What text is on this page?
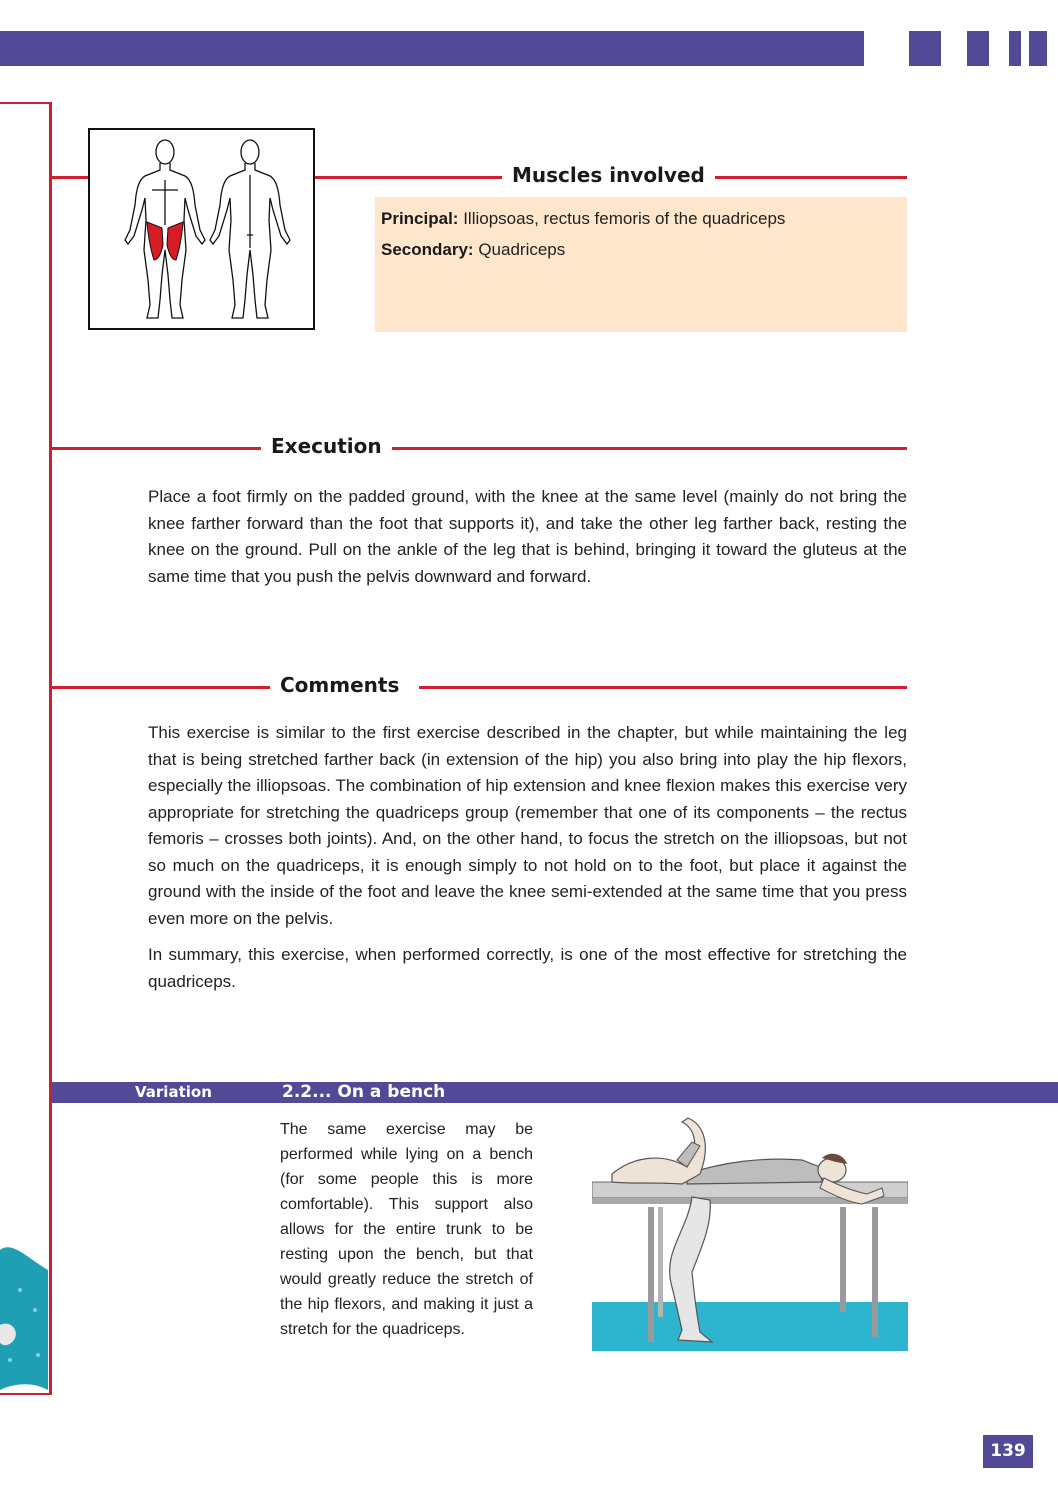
Muscles involved
Principal: Illiopsoas, rectus femoris of the quadriceps
Secondary: Quadriceps
Execution

Place a foot firmly on the padded ground, with the knee at the same level (mainly do not bring the knee farther forward than the foot that supports it), and take the other leg farther back, resting the knee on the ground. Pull on the ankle of the leg that is behind, bringing it toward the gluteus at the same time that you push the pelvis downward and forward.

Comments

This exercise is similar to the first exercise described in the chapter, but while maintaining the leg that is being stretched farther back (in extension of the hip) you also bring into play the hip flexors, especially the illiopsoas. The combination of hip extension and knee flexion makes this exercise very appropriate for stretching the quadriceps group (remember that one of its components – the rectus femoris – crosses both joints). And, on the other hand, to focus the stretch on the illiopsoas, but not so much on the quadriceps, it is enough simply to not hold on to the foot, but place it against the ground with the inside of the foot and leave the knee semi-extended at the same time that you press even more on the pelvis.

In summary, this exercise, when performed correctly, is one of the most effective for stretching the quadriceps.

Variation	2.2... On a bench
The same exercise may be performed while lying on a bench (for some people this is more comfortable). This support also allows for the entire trunk to be resting upon the bench, but that would greatly reduce the stretch of the hip flexors, and making it just a stretch for the quadriceps.
139
